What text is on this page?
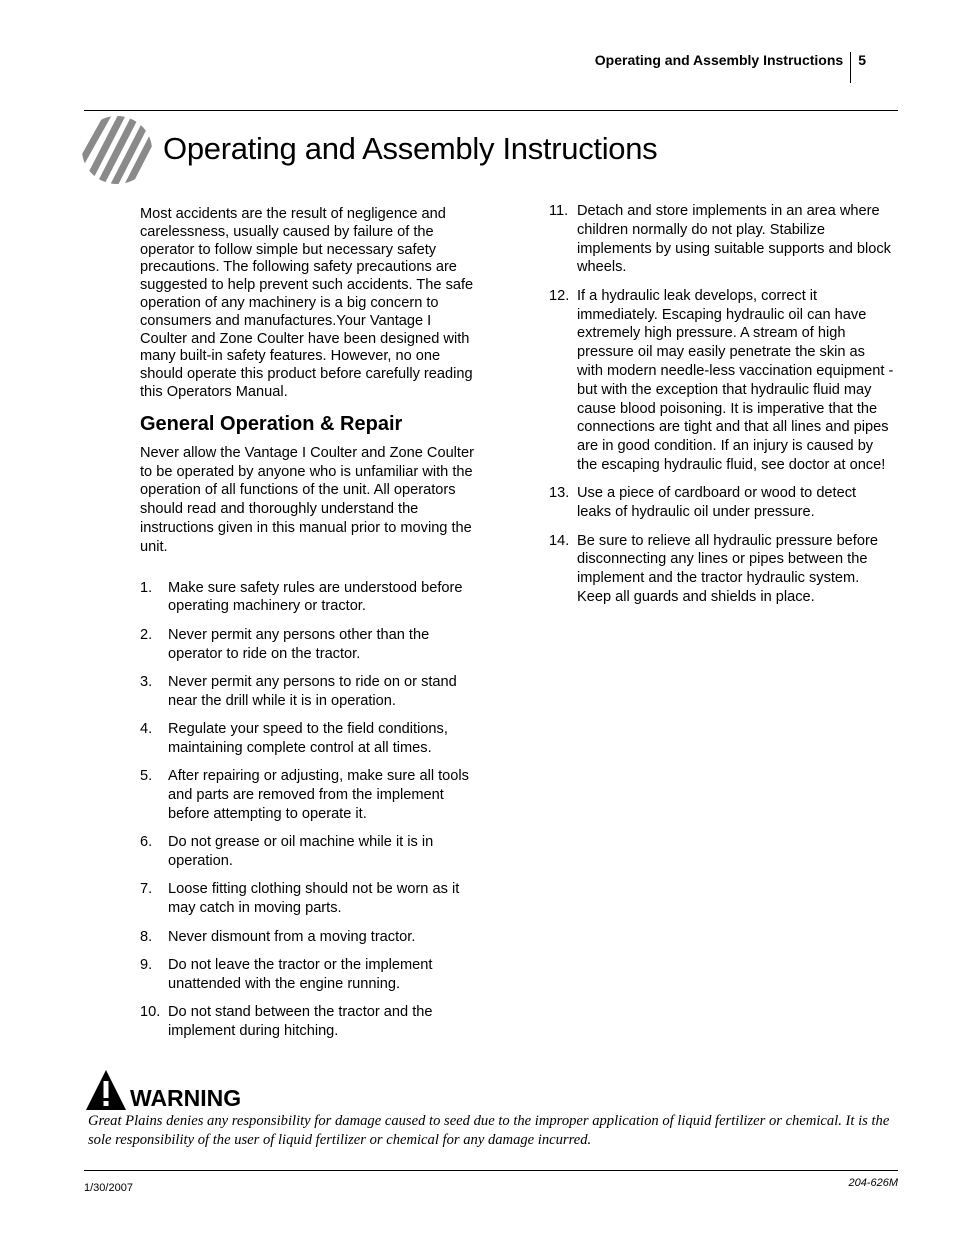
Operating and Assembly Instructions	5
Operating and Assembly Instructions

Most accidents are the result of negligence and carelessness, usually caused by failure of the operator to follow simple but necessary safety precautions. The following safety precautions are suggested to help prevent such accidents. The safe operation of any machinery is a big concern to consumers and manufactures.Your Vantage I Coulter and Zone Coulter have been designed with many built-in safety features. However, no one should operate this product before carefully reading this Operators Manual.

General Operation & Repair

Never allow the Vantage I Coulter and Zone Coulter to be operated by anyone who is unfamiliar with the operation of all functions of the unit. All operators should read and thoroughly understand the instructions given in this manual prior to moving the unit.

1.	Make sure safety rules are understood before operating machinery or tractor.
2.	Never permit any persons other than the operator to ride on the tractor.
3.	Never permit any persons to ride on or stand near the drill while it is in operation.
4.	Regulate your speed to the field conditions, maintaining complete control at all times.
5.	After repairing or adjusting, make sure all tools and parts are removed from the implement before attempting to operate it.
6.	Do not grease or oil machine while it is in operation.
7.	Loose fitting clothing should not be worn as it may catch in moving parts.
8.	Never dismount from a moving tractor.
9.	Do not leave the tractor or the implement unattended with the engine running.
10. Do not stand between the tractor and the implement during hitching.
11. Detach and store implements in an area where children normally do not play. Stabilize implements by using suitable supports and block wheels.
12. If a hydraulic leak develops, correct it immediately. Escaping hydraulic oil can have extremely high pressure. A stream of high pressure oil may easily penetrate the skin as with modern needle-less vaccination equipment - but with the exception that hydraulic fluid may cause blood poisoning. It is imperative that the connections are tight and that all lines and pipes are in good condition. If an injury is caused by the escaping hydraulic fluid, see doctor at once!
13. Use a piece of cardboard or wood to detect leaks of hydraulic oil under pressure.
14. Be sure to relieve all hydraulic pressure before disconnecting any lines or pipes between the implement and the tractor hydraulic system. Keep all guards and shields in place.
WARNING

Great Plains denies any responsibility for damage caused to seed due to the improper application of liquid fertilizer or chemical. It is the sole responsibility of the user of liquid fertilizer or chemical for any damage incurred.

1/30/2007	204-626M
